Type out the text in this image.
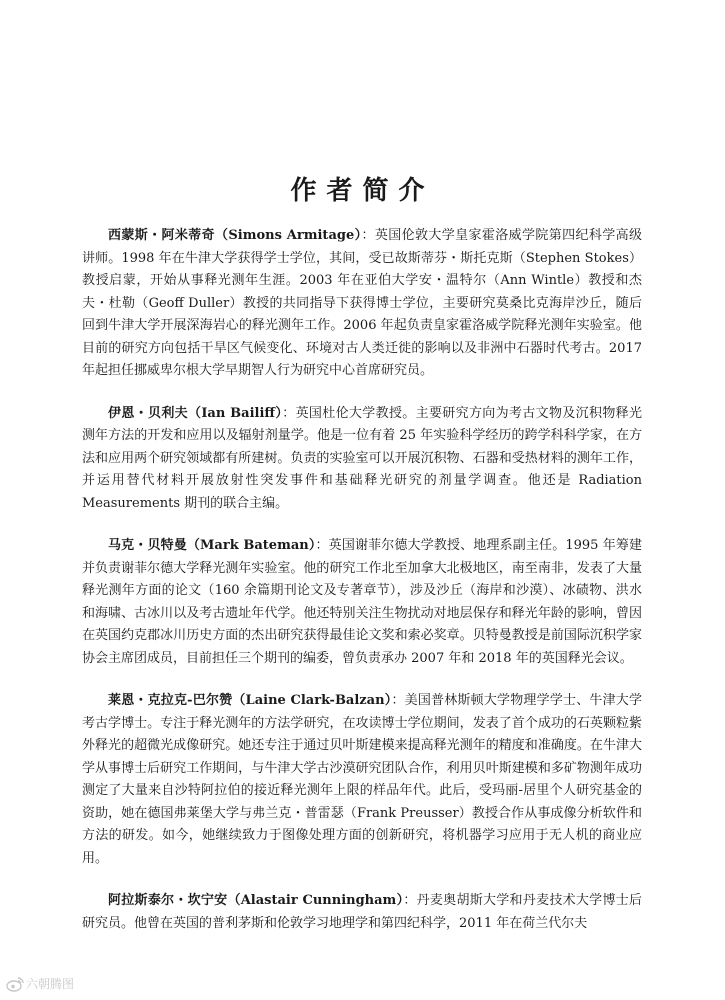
作者简介

西蒙斯・阿米蒂奇（Simons Armitage）：英国伦敦大学皇家霍洛威学院第四纪科学高级讲师。1998 年在牛津大学获得学士学位，其间，受已故斯蒂芬・斯托克斯（Stephen Stokes）教授启蒙，开始从事释光测年生涯。2003 年在亚伯大学安・温特尔（Ann Wintle）教授和杰夫・杜勒（Geoff Duller）教授的共同指导下获得博士学位，主要研究莫桑比克海岸沙丘，随后回到牛津大学开展深海岩心的释光测年工作。2006 年起负责皇家霍洛威学院释光测年实验室。他目前的研究方向包括干旱区气候变化、环境对古人类迁徙的影响以及非洲中石器时代考古。2017 年起担任挪威卑尔根大学早期智人行为研究中心首席研究员。

伊恩・贝利夫（Ian Bailiff）：英国杜伦大学教授。主要研究方向为考古文物及沉积物释光测年方法的开发和应用以及辐射剂量学。他是一位有着 25 年实验科学经历的跨学科科学家，在方法和应用两个研究领域都有所建树。负责的实验室可以开展沉积物、石器和受热材料的测年工作，并运用替代材料开展放射性突发事件和基础释光研究的剂量学调查。他还是 Radiation Measurements 期刊的联合主编。

马克・贝特曼（Mark Bateman）：英国谢菲尔德大学教授、地理系副主任。1995 年筹建并负责谢菲尔德大学释光测年实验室。他的研究工作北至加拿大北极地区，南至南非，发表了大量释光测年方面的论文（160 余篇期刊论文及专著章节），涉及沙丘（海岸和沙漠）、冰碛物、洪水和海啸、古冰川以及考古遗址年代学。他还特别关注生物扰动对地层保存和释光年龄的影响，曾因在英国约克郡冰川历史方面的杰出研究获得最佳论文奖和索必奖章。贝特曼教授是前国际沉积学家协会主席团成员，目前担任三个期刊的编委，曾负责承办 2007 年和 2018 年的英国释光会议。

莱恩・克拉克-巴尔赞（Laine Clark-Balzan）：美国普林斯顿大学物理学学士、牛津大学考古学博士。专注于释光测年的方法学研究，在攻读博士学位期间，发表了首个成功的石英颗粒紫外释光的超微光成像研究。她还专注于通过贝叶斯建模来提高释光测年的精度和准确度。在牛津大学从事博士后研究工作期间，与牛津大学古沙漠研究团队合作，利用贝叶斯建模和多矿物测年成功测定了大量来自沙特阿拉伯的接近释光测年上限的样品年代。此后，受玛丽-居里个人研究基金的资助，她在德国弗莱堡大学与弗兰克・普雷瑟（Frank Preusser）教授合作从事成像分析软件和方法的研发。如今，她继续致力于图像处理方面的创新研究，将机器学习应用于无人机的商业应用。

阿拉斯泰尔・坎宁安（Alastair Cunningham）：丹麦奥胡斯大学和丹麦技术大学博士后研究员。他曾在英国的普利茅斯和伦敦学习地理学和第四纪科学，2011 年在荷兰代尔夫

六朝腾图
